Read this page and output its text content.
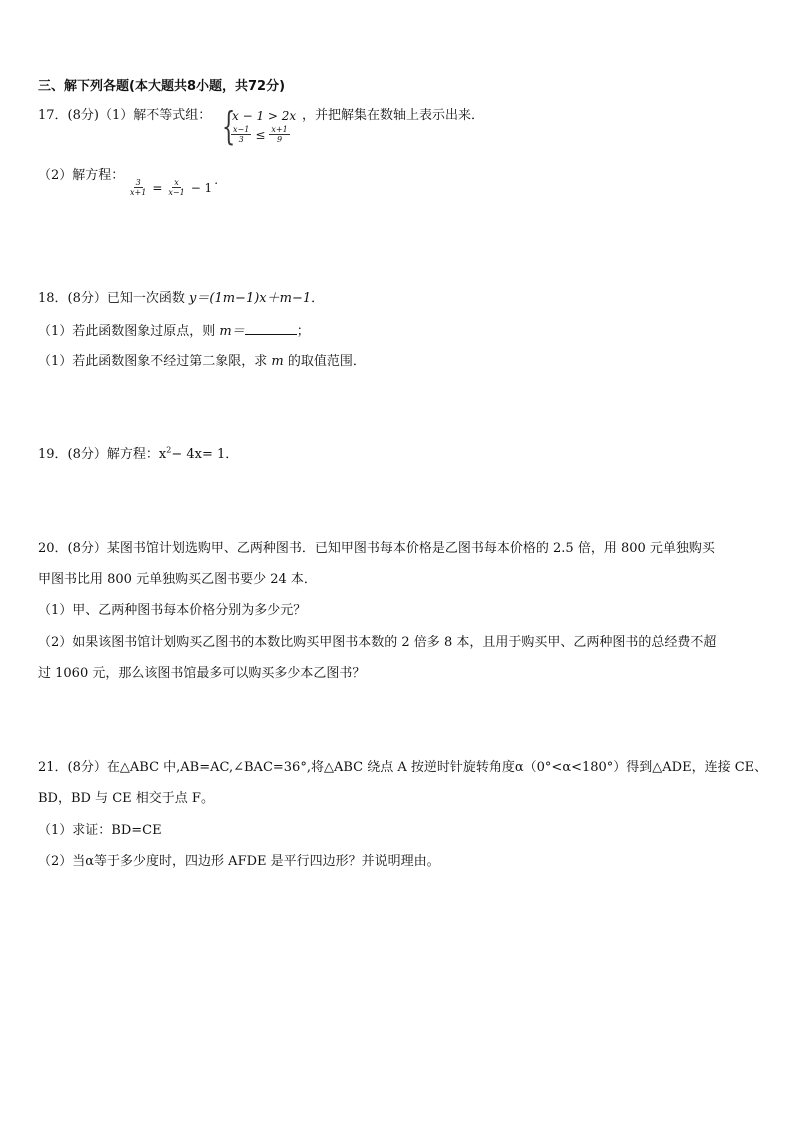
三、解下列各题(本大题共8小题，共72分)
17．(8分)（1）解不等式组： {
x − 1 > 2x
$\frac{x-1}{3} \le \frac{x+1}{9}$
，并把解集在数轴上表示出来．
（2）解方程：
$\frac{3}{x+1} = \frac{x}{x-1} - 1$
.
18．(8分）已知一次函数 y＝(1m−1)x＋m−1．
（1）若此函数图象过原点，则 m＝	；
（1）若此函数图象不经过第二象限，求 m 的取值范围．
19．(8分）解方程：$x^2- 4x= 1$．
20．(8分）某图书馆计划选购甲、乙两种图书．已知甲图书每本价格是乙图书每本价格的 2.5 倍，用 800 元单独购买
甲图书比用 800 元单独购买乙图书要少 24 本．
（1）甲、乙两种图书每本价格分别为多少元？
（2）如果该图书馆计划购买乙图书的本数比购买甲图书本数的 2 倍多 8 本，且用于购买甲、乙两种图书的总经费不超
过 1060 元，那么该图书馆最多可以购买多少本乙图书？
21．(8分）在△ABC 中,AB=AC,∠BAC=36°,将△ABC 绕点 A 按逆时针旋转角度α（0°<α<180°）得到△ADE，连接 CE、
BD，BD 与 CE 相交于点 F。
（1）求证：BD=CE
（2）当α等于多少度时，四边形 AFDE 是平行四边形？并说明理由。
